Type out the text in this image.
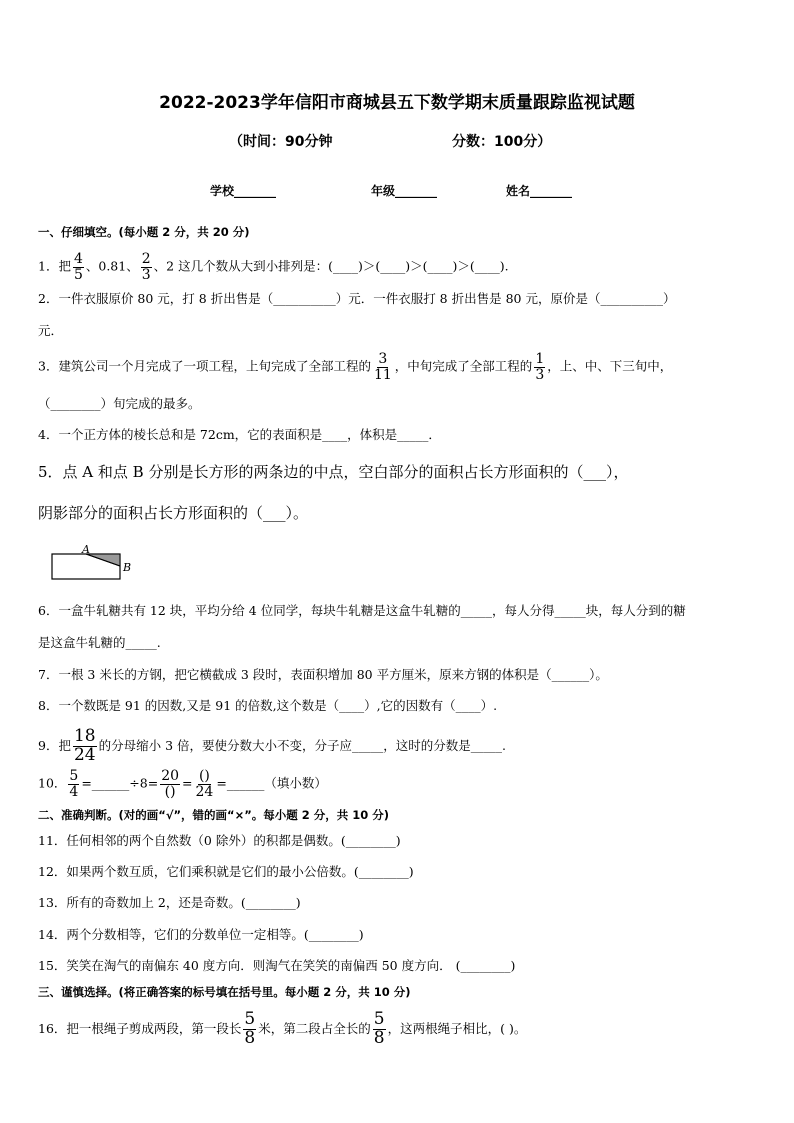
2022-2023学年信阳市商城县五下数学期末质量跟踪监视试题
（时间：90分钟	分数：100分）
学校_______	年级_______	姓名_______
一、仔细填空。(每小题 2 分，共 20 分)
1．把 $\frac{4}{5}$ 、0.81、 $\frac{2}{3}$ 、2 这几个数从大到小排列是：(____)＞(____)＞(____)＞(____).
2．一件衣服原价 80 元，打 8 折出售是（__________）元．一件衣服打 8 折出售是 80 元，原价是（__________）
元．
3．建筑公司一个月完成了一项工程，上旬完成了全部工程的 $\frac{3}{11}$ ，中旬完成了全部工程的 $\frac{1}{3}$ ，上、中、下三旬中，
（________）旬完成的最多。
4．一个正方体的棱长总和是 72cm，它的表面积是____，体积是_____．
5．点 A 和点 B 分别是长方形的两条边的中点，空白部分的面积占长方形面积的（___），
阴影部分的面积占长方形面积的（___）。
A
B
6．一盒牛轧糖共有 12 块，平均分给 4 位同学，每块牛轧糖是这盒牛轧糖的_____，每人分得_____块，每人分到的糖
是这盒牛轧糖的_____.
7．一根 3 米长的方钢，把它横截成 3 段时，表面积增加 80 平方厘米，原来方钢的体积是（______）。
8．一个数既是 91 的因数,又是 91 的倍数,这个数是（____）,它的因数有（____）.
9．把 $\frac{18}{24}$ 的分母缩小 3 倍，要使分数大小不变，分子应_____，这时的分数是_____.
10． $\frac{5}{4}$ =______÷8= $\frac{20}{()} = \frac{()}{24}$ =______（填小数）
二、准确判断。(对的画“√”，错的画“×”。每小题 2 分，共 10 分)
11．任何相邻的两个自然数（0 除外）的积都是偶数。(________)
12．如果两个数互质，它们乘积就是它们的最小公倍数。(________)
13．所有的奇数加上 2，还是奇数。(________)
14．两个分数相等，它们的分数单位一定相等。(________)
15．笑笑在淘气的南偏东 40 度方向．则淘气在笑笑的南偏西 50 度方向． (________)
三、谨慎选择。(将正确答案的标号填在括号里。每小题 2 分，共 10 分)
16．把一根绳子剪成两段，第一段长 $\frac{5}{8}$ 米，第二段占全长的 $\frac{5}{8}$ ，这两根绳子相比，( )。
